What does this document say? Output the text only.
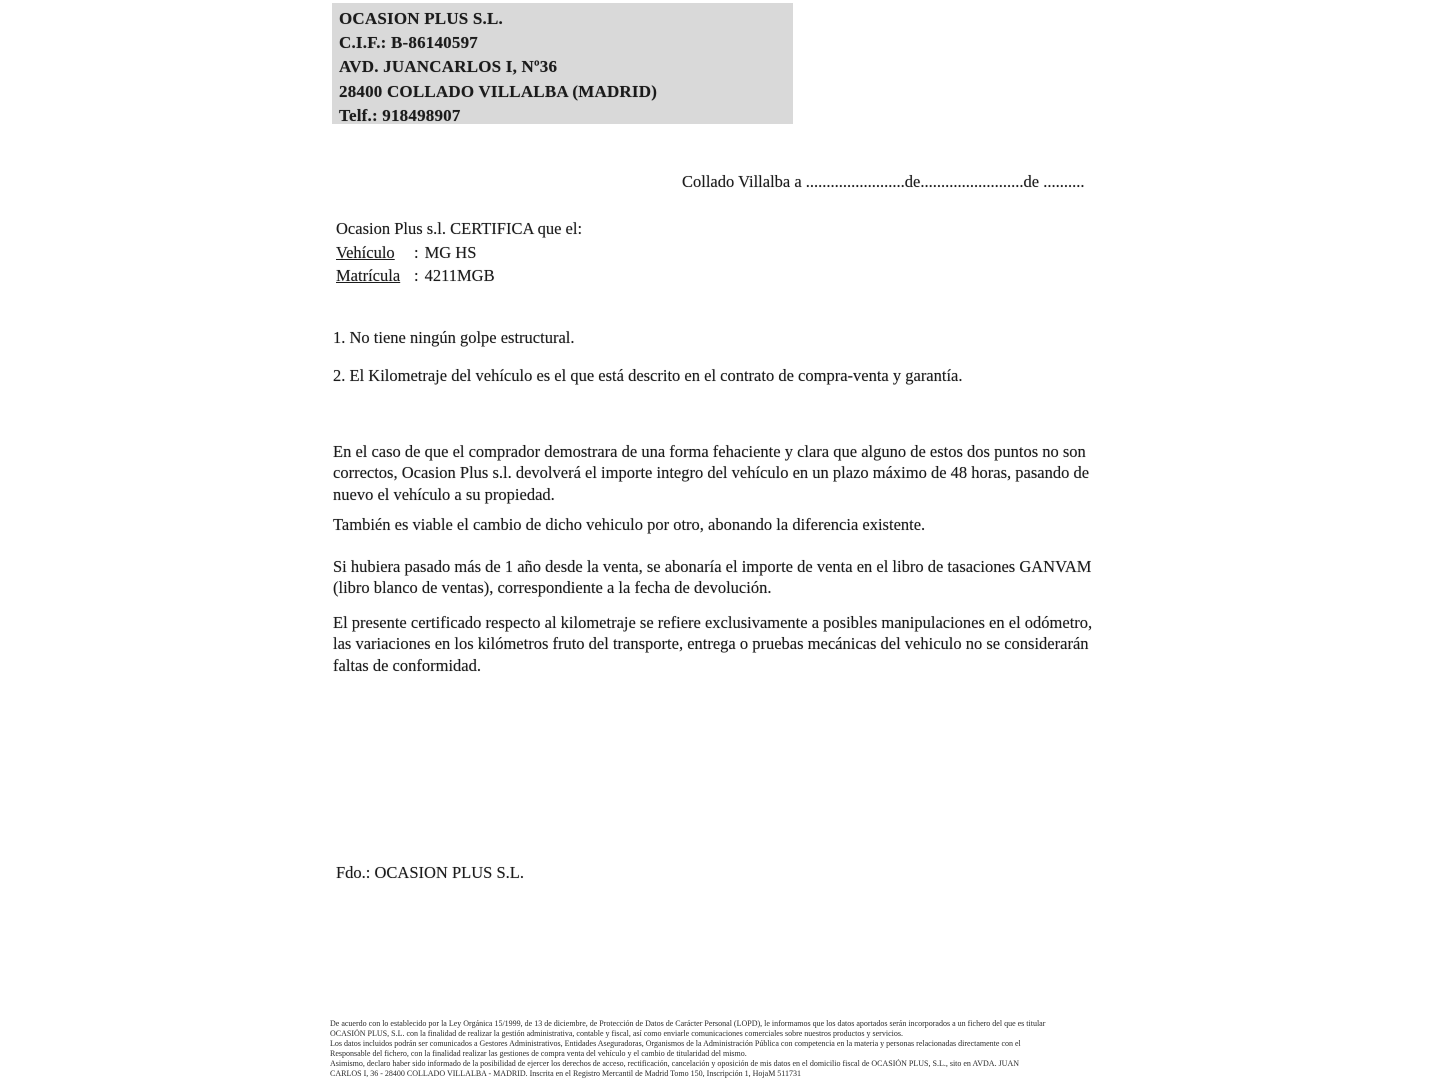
OCASION PLUS S.L.
C.I.F.: B-86140597
AVD. JUANCARLOS I, Nº36
28400 COLLADO VILLALBA (MADRID)
Telf.: 918498907
Collado Villalba a ........................de.........................de ..........
Ocasion Plus s.l. CERTIFICA que el:
Vehículo : MG HS
Matrícula : 4211MGB
1. No tiene ningún golpe estructural.
2. El Kilometraje del vehículo es el que está descrito en el contrato de compra-venta y garantía.
En el caso de que el comprador demostrara de una forma fehaciente y clara que alguno de estos dos puntos no son correctos, Ocasion Plus s.l. devolverá el importe integro del vehículo en un plazo máximo de 48 horas, pasando de nuevo el vehículo a su propiedad.
También es viable el cambio de dicho vehiculo por otro, abonando la diferencia existente.
Si hubiera pasado más de 1 año desde la venta, se abonaría el importe de venta en el libro de tasaciones GANVAM (libro blanco de ventas), correspondiente a la fecha de devolución.
El presente certificado respecto al kilometraje se refiere exclusivamente a posibles manipulaciones en el odómetro, las variaciones en los kilómetros fruto del transporte, entrega o pruebas mecánicas del vehiculo no se considerarán faltas de conformidad.
Fdo.: OCASION PLUS S.L.
De acuerdo con lo establecido por la Ley Orgánica 15/1999, de 13 de diciembre, de Protección de Datos de Carácter Personal (LOPD), le informamos que los datos aportados serán incorporados a un fichero del que es titular
OCASIÓN PLUS, S.L. con la finalidad de realizar la gestión administrativa, contable y fiscal, así como enviarle comunicaciones comerciales sobre nuestros productos y servicios.
Los datos incluidos podrán ser comunicados a Gestores Administrativos, Entidades Aseguradoras, Organismos de la Administración Pública con competencia en la materia y personas relacionadas directamente con el
Responsable del fichero, con la finalidad realizar las gestiones de compra venta del vehículo y el cambio de titularidad del mismo.
Asimismo, declaro haber sido informado de la posibilidad de ejercer los derechos de acceso, rectificación, cancelación y oposición de mis datos en el domicilio fiscal de OCASIÓN PLUS, S.L., sito en AVDA. JUAN
CARLOS I, 36 - 28400 COLLADO VILLALBA - MADRID. Inscrita en el Registro Mercantil de Madrid Tomo 150, Inscripción 1, HojaM 511731
